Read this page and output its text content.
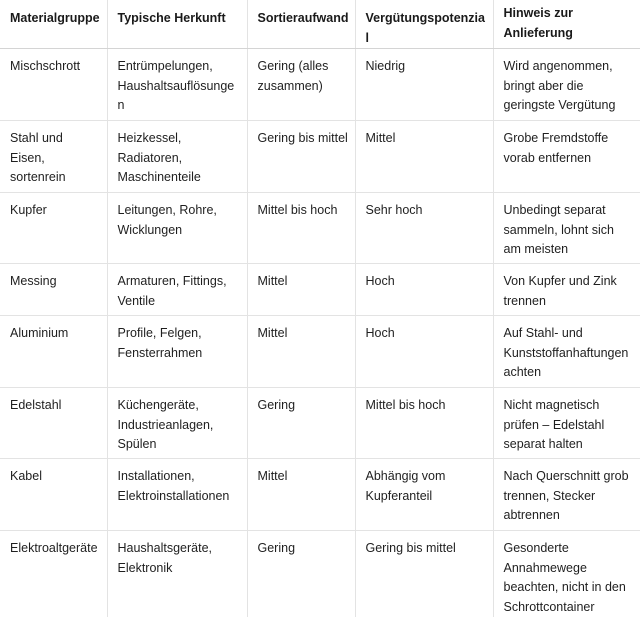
Materialgruppe	Typische Herkunft	Sortieraufwand	Vergütungspotenzial	Hinweis zur Anlieferung
Mischschrott	Entrümpelungen, Haushaltsauflösungen	Gering (alles zusammen)	Niedrig	Wird angenommen, bringt aber die geringste Vergütung
Stahl und Eisen, sortenrein	Heizkessel, Radiatoren, Maschinenteile	Gering bis mittel	Mittel	Grobe Fremdstoffe vorab entfernen
Kupfer	Leitungen, Rohre, Wicklungen	Mittel bis hoch	Sehr hoch	Unbedingt separat sammeln, lohnt sich am meisten
Messing	Armaturen, Fittings, Ventile	Mittel	Hoch	Von Kupfer und Zink trennen
Aluminium	Profile, Felgen, Fensterrahmen	Mittel	Hoch	Auf Stahl- und Kunststoffanhaftungen achten
Edelstahl	Küchengeräte, Industrieanlagen, Spülen	Gering	Mittel bis hoch	Nicht magnetisch prüfen – Edelstahl separat halten
Kabel	Installationen, Elektroinstallationen	Mittel	Abhängig vom Kupferanteil	Nach Querschnitt grob trennen, Stecker abtrennen
Elektroaltgeräte	Haushaltsgeräte, Elektronik	Gering	Gering bis mittel	Gesonderte Annahmewege beachten, nicht in den Schrottcontainer
